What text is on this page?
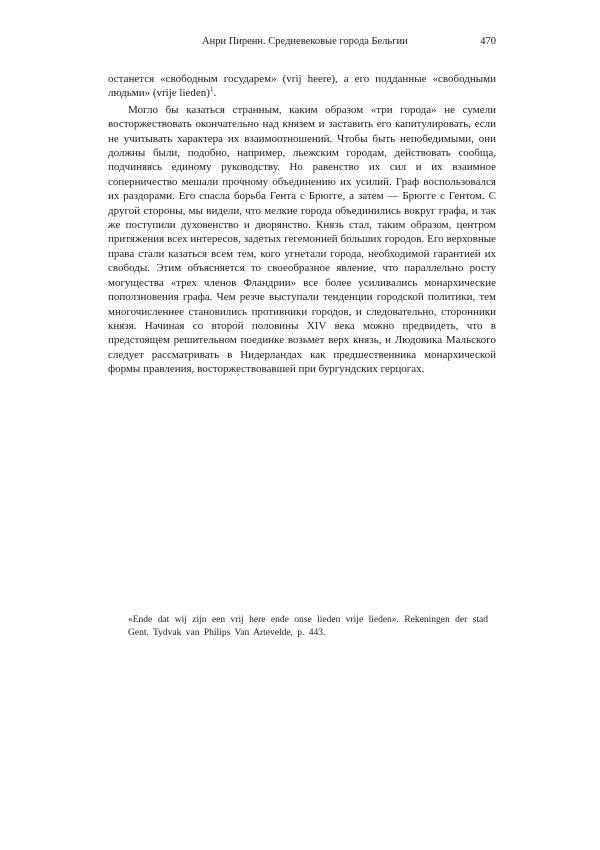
Анри Пиренн. Средневековые города Бельгии	470

останется «свободным государем» (vrij heere), а его подданные «свободными людьми» (vrije lieden)$^1$.

Могло бы казаться странным, каким образом «три города» не сумели восторжествовать окончательно над князем и заставить его капитулировать, если не учитывать характера их взаимоотношений. Чтобы быть непобедимыми, они должны были, подобно, например, льежским городам, действовать сообща, подчиняясь единому руководству. Но равенство их сил и их взаимное соперничество мешали прочному объединению их усилий. Граф воспользовался их раздорами. Его спасла борьба Гента с Брюгге, а затем — Брюгге с Гентом. С другой стороны, мы видели, что мелкие города объединились вокруг графа, и так же поступили духовенство и дворянство. Князь стал, таким образом, центром притяжения всех интересов, задетых гегемонией больших городов. Его верховные права стали казаться всем тем, кого угнетали города, необходимой гарантией их свободы. Этим объясняется то своеобразное явление, что параллельно росту могущества «трех членов Фландрии» все более усиливались монархические поползновения графа. Чем резче выступали тенденции городской политики, тем многочисленнее становились противники городов, и следовательно, сторонники князя. Начиная со второй половины XIV века можно предвидеть, что в предстоящем решительном поединке возьмет верх князь, и Людовика Мальского следует рассматривать в Нидерландах как предшественника монархической формы правления, восторжествовавшей при бургундских герцогах.

«Ende dat wij zijn een vrij here ende onse lieden vrije lieden». Rekeningen der stad Gent. Tydvak van Philips Van Artevelde, p. 443.
